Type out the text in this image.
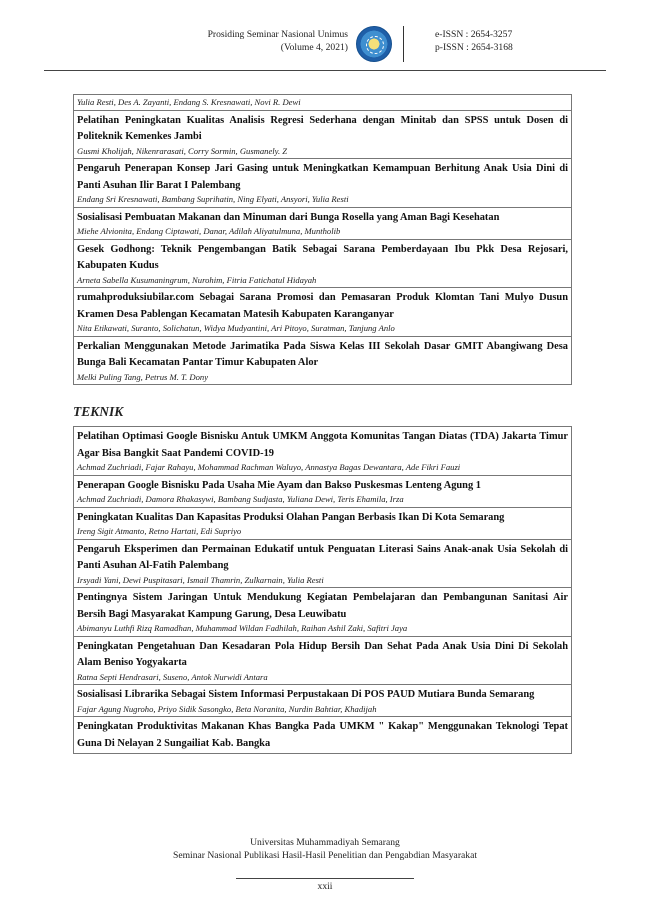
Prosiding Seminar Nasional Unimus
(Volume 4, 2021)
e-ISSN : 2654-3257
p-ISSN : 2654-3168
Yulia Resti, Des A. Zayanti, Endang S. Kresnawati, Novi R. Dewi
Pelatihan Peningkatan Kualitas Analisis Regresi Sederhana dengan Minitab dan SPSS untuk Dosen di Politeknik Kemenkes Jambi
Gusmi Kholijah, Nikenrarasati, Corry Sormin, Gusmanely. Z
Pengaruh Penerapan Konsep Jari Gasing untuk Meningkatkan Kemampuan Berhitung Anak Usia Dini di Panti Asuhan Ilir Barat I Palembang
Endang Sri Kresnawati, Bambang Suprihatin, Ning Elyati, Ansyori, Yulia Resti
Sosialisasi Pembuatan Makanan dan Minuman dari Bunga Rosella yang Aman Bagi Kesehatan
Miehe Alvionita, Endang Ciptawati, Danar, Adilah Aliyatulmuna, Muntholib
Gesek Godhong: Teknik Pengembangan Batik Sebagai Sarana Pemberdayaan Ibu Pkk Desa Rejosari, Kabupaten Kudus
Arneta Sabella Kusumaningrum, Nurohim, Fitria Fatichatul Hidayah
rumahproduksiubilar.com Sebagai Sarana Promosi dan Pemasaran Produk Klomtan Tani Mulyo Dusun Kramen Desa Pablengan Kecamatan Matesih Kabupaten Karanganyar
Nita Etikawati, Suranto, Solichatun, Widya Mudyantini, Ari Pitoyo, Suratman, Tanjung Anlo
Perkalian Menggunakan Metode Jarimatika Pada Siswa Kelas III Sekolah Dasar GMIT Abangiwang Desa Bunga Bali Kecamatan Pantar Timur Kabupaten Alor
Melki Puling Tang, Petrus M. T. Dony
TEKNIK
Pelatihan Optimasi Google Bisnisku Antuk UMKM Anggota Komunitas Tangan Diatas (TDA) Jakarta Timur Agar Bisa Bangkit Saat Pandemi COVID-19
Achmad Zuchriadi, Fajar Rahayu, Mohammad Rachman Waluyo, Annastya Bagas Dewantara, Ade Fikri Fauzi
Penerapan Google Bisnisku Pada Usaha Mie Ayam dan Bakso Puskesmas Lenteng Agung 1
Achmad Zuchriadi, Damora Rhakasywi, Bambang Sudjasta, Yuliana Dewi, Teris Ehamila, Irza
Peningkatan Kualitas Dan Kapasitas Produksi Olahan Pangan Berbasis Ikan Di Kota Semarang
Ireng Sigit Atmanto, Retno Hartati, Edi Supriyo
Pengaruh Eksperimen dan Permainan Edukatif untuk Penguatan Literasi Sains Anak-anak Usia Sekolah di Panti Asuhan Al-Fatih Palembang
Irsyadi Yani, Dewi Puspitasari, Ismail Thamrin, Zulkarnain, Yulia Resti
Pentingnya Sistem Jaringan Untuk Mendukung Kegiatan Pembelajaran dan Pembangunan Sanitasi Air Bersih Bagi Masyarakat Kampung Garung, Desa Leuwibatu
Abimanyu Luthfi Rizq Ramadhan, Muhammad Wildan Fadhilah, Raihan Ashil Zaki, Safitri Jaya
Peningkatan Pengetahuan Dan Kesadaran Pola Hidup Bersih Dan Sehat Pada Anak Usia Dini Di Sekolah Alam Beniso Yogyakarta
Ratna Septi Hendrasari, Suseno, Antok Nurwidi Antara
Sosialisasi Librarika Sebagai Sistem Informasi Perpustakaan Di POS PAUD Mutiara Bunda Semarang
Fajar Agung Nugroho, Priyo Sidik Sasongko, Beta Noranita, Nurdin Bahtiar, Khadijah
Peningkatan Produktivitas Makanan Khas Bangka Pada UMKM " Kakap" Menggunakan Teknologi Tepat Guna Di Nelayan 2 Sungailiat Kab. Bangka
Universitas Muhammadiyah Semarang
Seminar Nasional Publikasi Hasil-Hasil Penelitian dan Pengabdian Masyarakat
xxii
